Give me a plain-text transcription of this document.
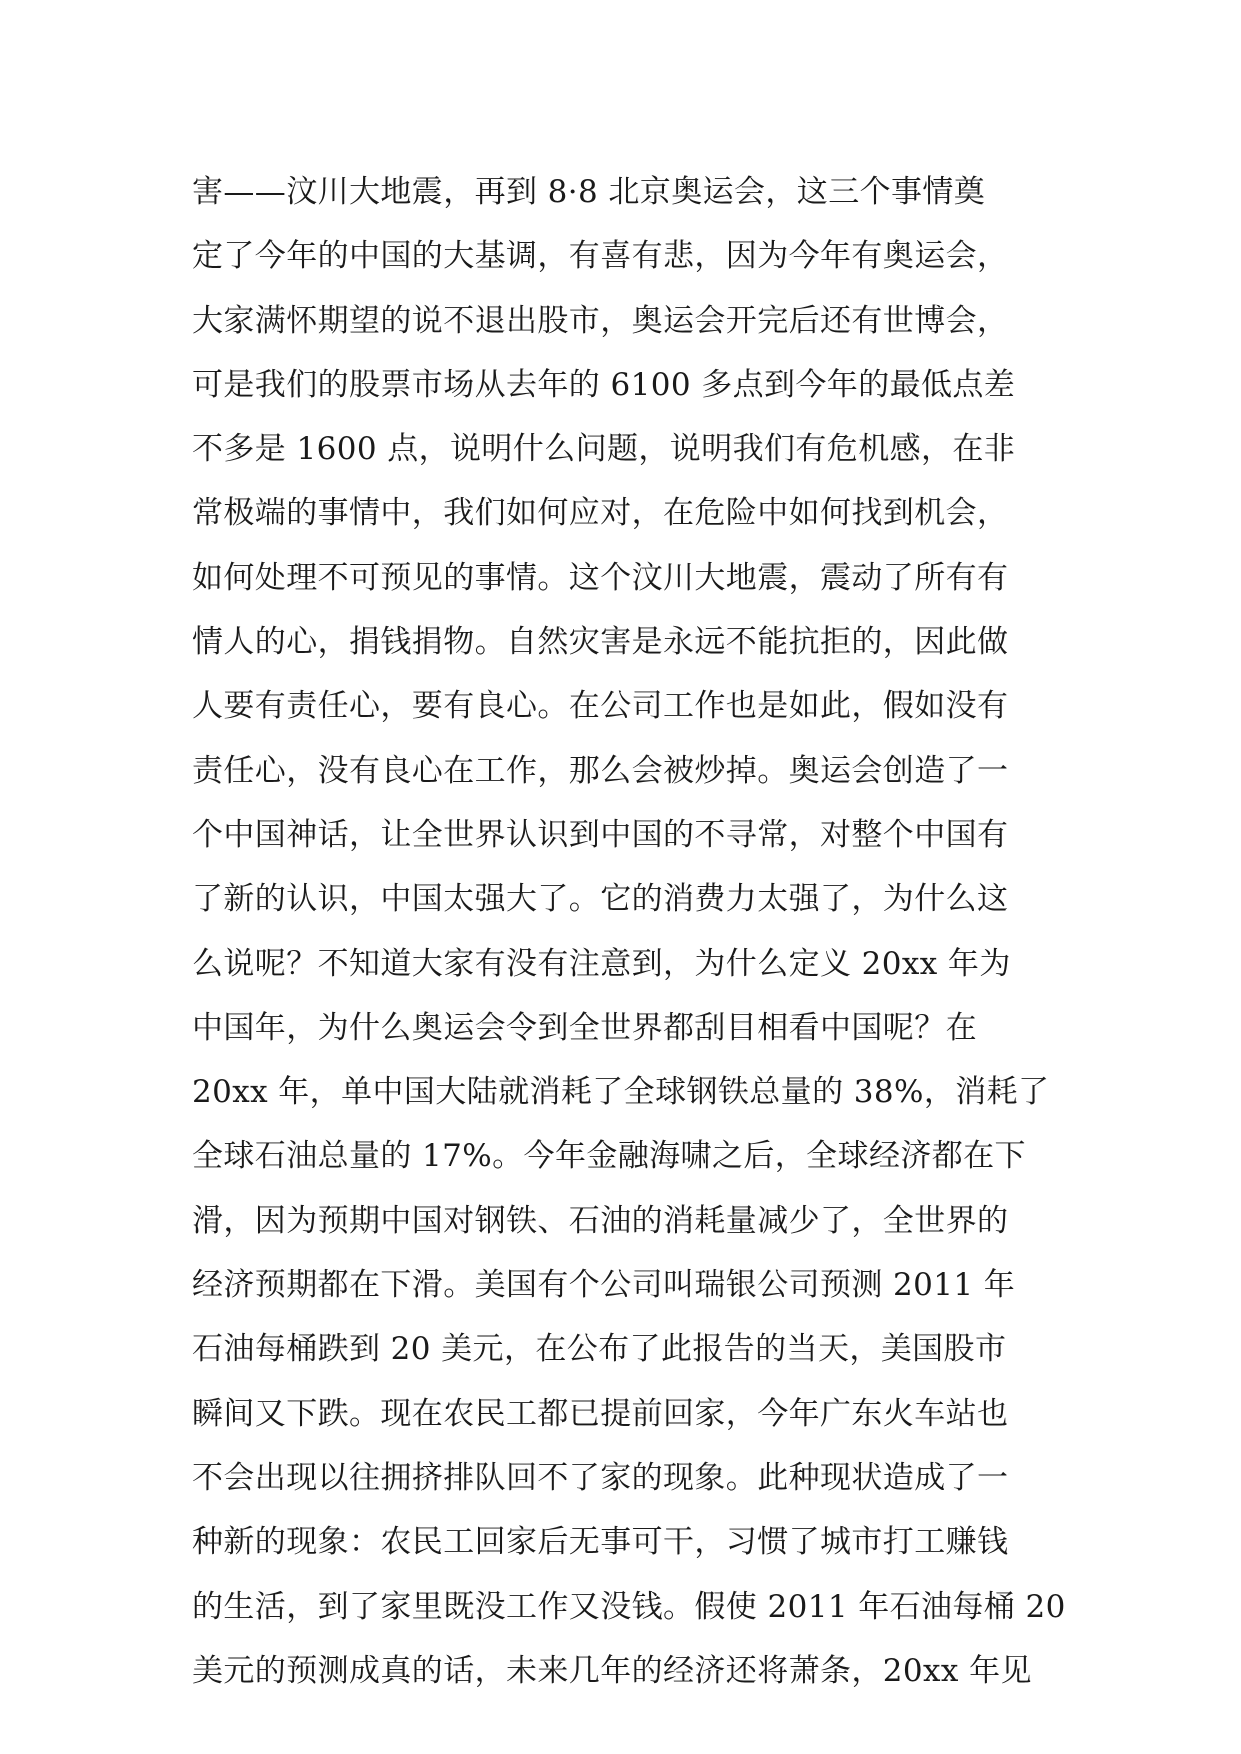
害——汶川大地震，再到 8·8 北京奥运会，这三个事情奠
定了今年的中国的大基调，有喜有悲，因为今年有奥运会，
大家满怀期望的说不退出股市，奥运会开完后还有世博会，
可是我们的股票市场从去年的 6100 多点到今年的最低点差
不多是 1600 点，说明什么问题，说明我们有危机感，在非
常极端的事情中，我们如何应对，在危险中如何找到机会，
如何处理不可预见的事情。这个汶川大地震，震动了所有有
情人的心，捐钱捐物。自然灾害是永远不能抗拒的，因此做
人要有责任心，要有良心。在公司工作也是如此，假如没有
责任心，没有良心在工作，那么会被炒掉。奥运会创造了一
个中国神话，让全世界认识到中国的不寻常，对整个中国有
了新的认识，中国太强大了。它的消费力太强了，为什么这
么说呢？不知道大家有没有注意到，为什么定义 20xx 年为
中国年，为什么奥运会令到全世界都刮目相看中国呢？在
20xx 年，单中国大陆就消耗了全球钢铁总量的 38%，消耗了
全球石油总量的 17%。今年金融海啸之后，全球经济都在下
滑，因为预期中国对钢铁、石油的消耗量减少了，全世界的
经济预期都在下滑。美国有个公司叫瑞银公司预测 2011 年
石油每桶跌到 20 美元，在公布了此报告的当天，美国股市
瞬间又下跌。现在农民工都已提前回家，今年广东火车站也
不会出现以往拥挤排队回不了家的现象。此种现状造成了一
种新的现象：农民工回家后无事可干，习惯了城市打工赚钱
的生活，到了家里既没工作又没钱。假使 2011 年石油每桶 20
美元的预测成真的话，未来几年的经济还将萧条，20xx 年见
